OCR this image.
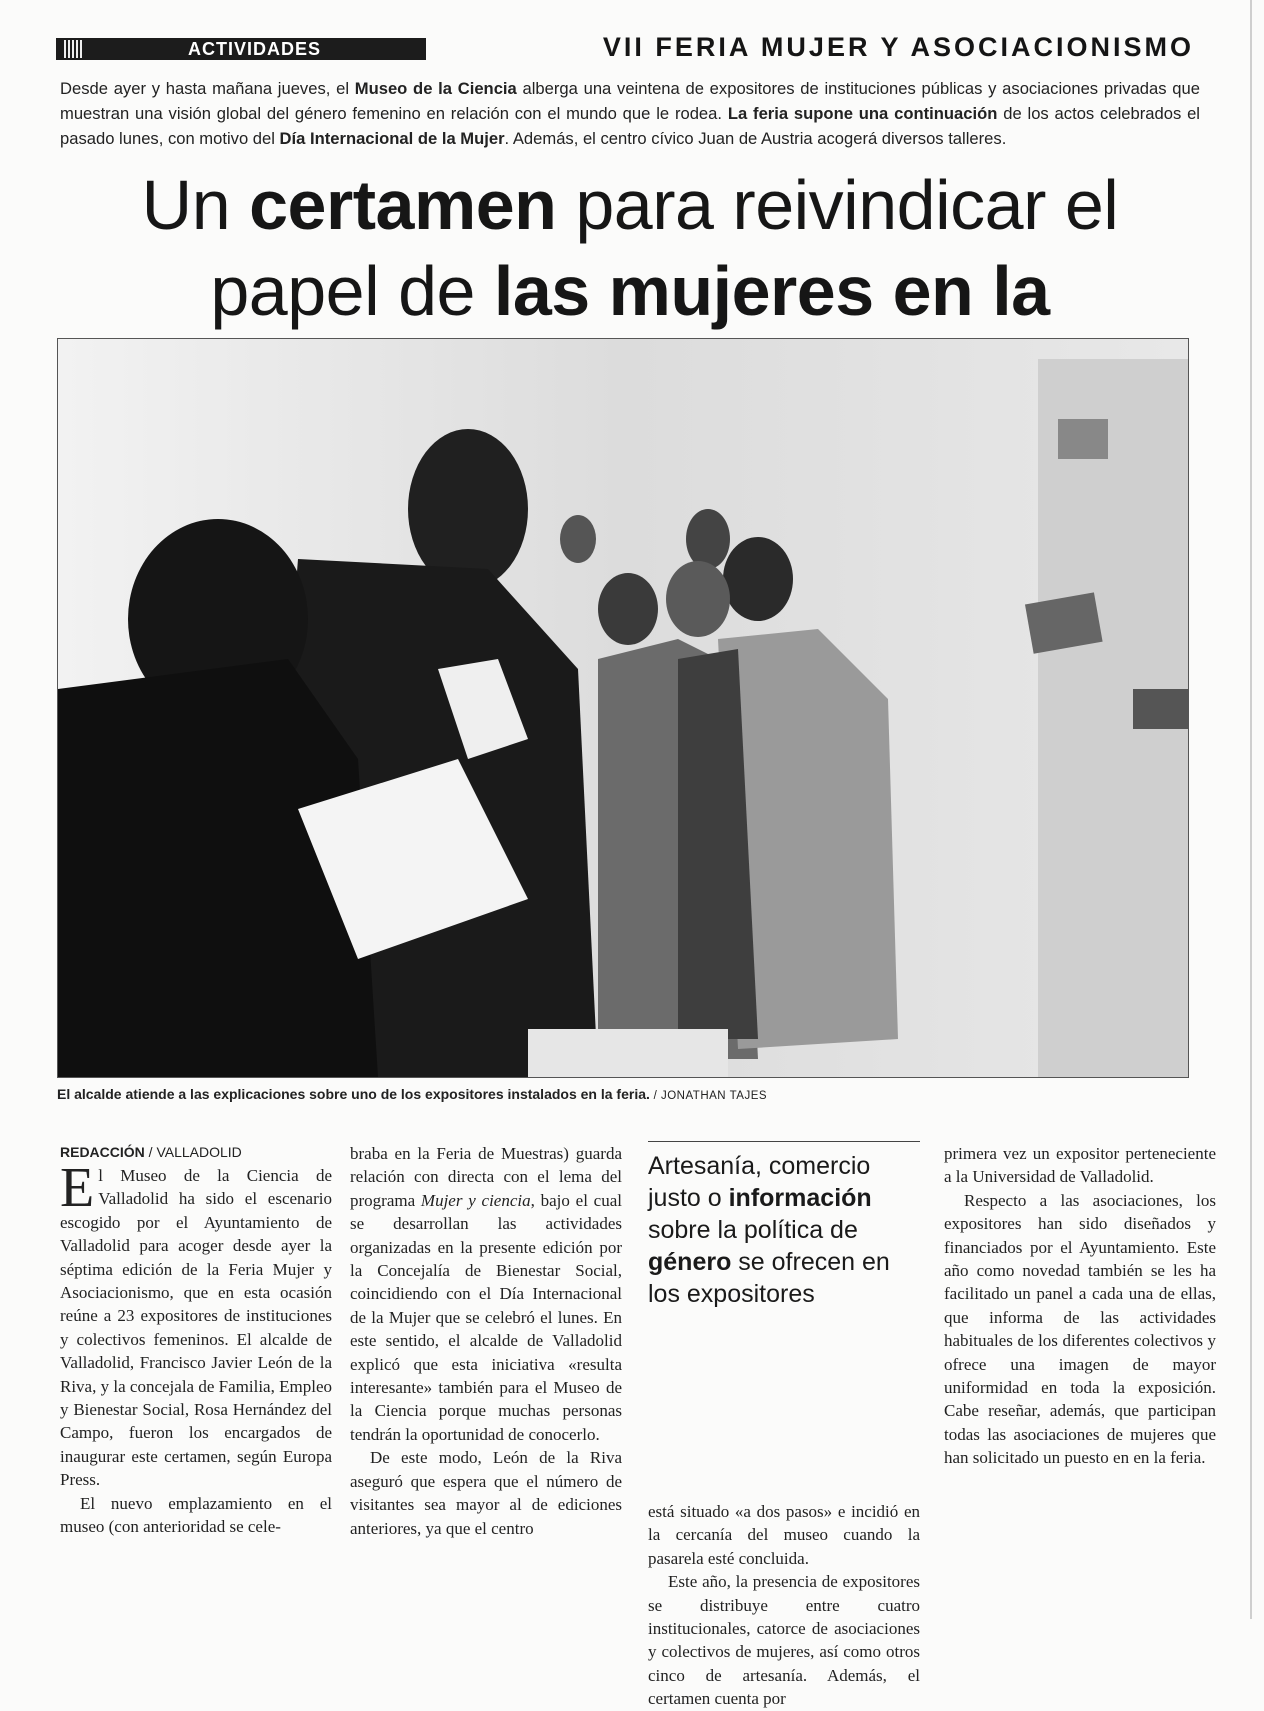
ACTIVIDADES	VII FERIA MUJER Y ASOCIACIONISMO
Desde ayer y hasta mañana jueves, el Museo de la Ciencia alberga una veintena de expositores de instituciones públicas y asociaciones privadas que muestran una visión global del género femenino en relación con el mundo que le rodea. La feria supone una continuación de los actos celebrados el pasado lunes, con motivo del Día Internacional de la Mujer. Además, el centro cívico Juan de Austria acogerá diversos talleres.
Un certamen para reivindicar el papel de las mujeres en la
El alcalde atiende a las explicaciones sobre uno de los expositores instalados en la feria. / JONATHAN TAJES
REDACCIÓN / VALLADOLID

El Museo de la Ciencia de Valladolid ha sido el escenario escogido por el Ayuntamiento de Valladolid para acoger desde ayer la séptima edición de la Feria Mujer y Asociacionismo, que en esta ocasión reúne a 23 expositores de instituciones y colectivos femeninos. El alcalde de Valladolid, Francisco Javier León de la Riva, y la concejala de Familia, Empleo y Bienestar Social, Rosa Hernández del Campo, fueron los encargados de inaugurar este certamen, según Europa Press.

El nuevo emplazamiento en el museo (con anterioridad se cele-

braba en la Feria de Muestras) guarda relación con directa con el lema del programa Mujer y ciencia, bajo el cual se desarrollan las actividades organizadas en la presente edición por la Concejalía de Bienestar Social, coincidiendo con el Día Internacional de la Mujer que se celebró el lunes. En este sentido, el alcalde de Valladolid explicó que esta iniciativa «resulta interesante» también para el Museo de la Ciencia porque muchas personas tendrán la oportunidad de conocerlo.

De este modo, León de la Riva aseguró que espera que el número de visitantes sea mayor al de ediciones anteriores, ya que el centro

Artesanía, comercio justo o información sobre la política de género se ofrecen en los expositores

está situado «a dos pasos» e incidió en la cercanía del museo cuando la pasarela esté concluida.

Este año, la presencia de expositores se distribuye entre cuatro institucionales, catorce de asociaciones y colectivos de mujeres, así como otros cinco de artesanía. Además, el certamen cuenta por

primera vez un expositor perteneciente a la Universidad de Valladolid.

Respecto a las asociaciones, los expositores han sido diseñados y financiados por el Ayuntamiento. Este año como novedad también se les ha facilitado un panel a cada una de ellas, que informa de las actividades habituales de los diferentes colectivos y ofrece una imagen de mayor uniformidad en toda la exposición. Cabe reseñar, además, que participan todas las asociaciones de mujeres que han solicitado un puesto en en la feria.
